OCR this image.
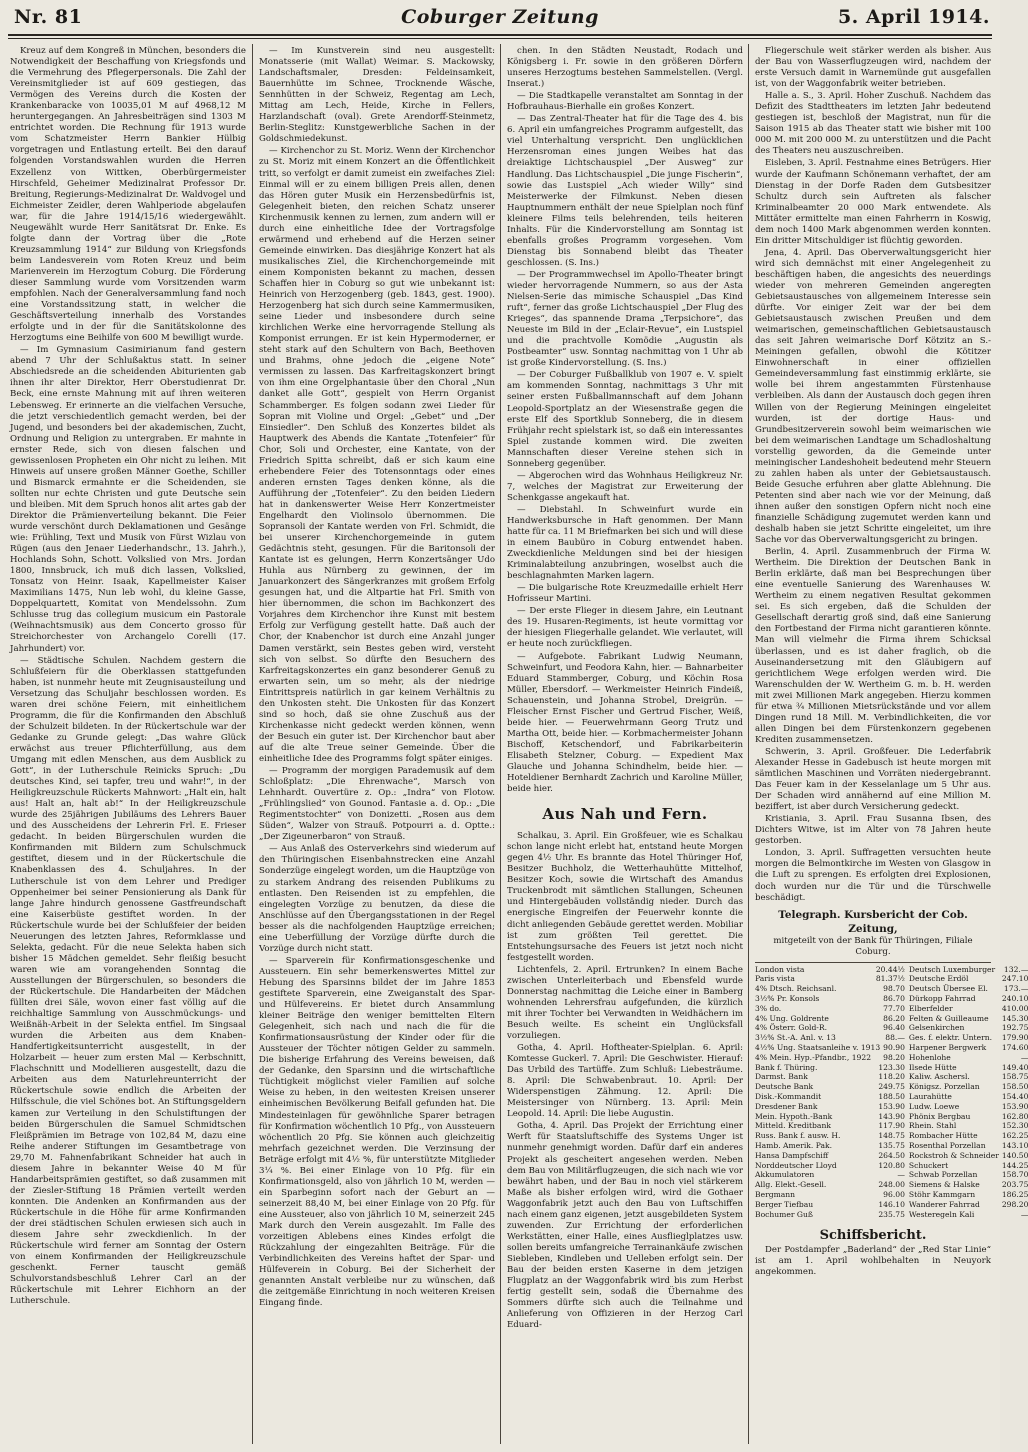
Nr. 81	Coburger Zeitung	5. April 1914.

Kreuz auf dem Kongreß in München, besonders die Notwendigkeit der Beschaffung von Kriegsfonds und die Vermehrung des Pflegerpersonals. Die Zahl der Vereinsmitglieder ist auf 609 gestiegen, das Vermögen des Vereins durch die Kosten der Krankenbaracke von 10035,01 M auf 4968,12 M heruntergegangen. An Jahresbeiträgen sind 1303 M entrichtet worden. Die Rechnung für 1913 wurde vom Schatzmeister Herrn Bankier Hülbig vorgetragen und Entlastung erteilt. Bei den darauf folgenden Vorstandswahlen wurden die Herren Exzellenz von Wittken, Oberbürgermeister Hirschfeld, Geheimer Medizinalrat Professor Dr. Breitung, Regierungs-Medizinalrat Dr. Waldvogel und Eichmeister Zeidler, deren Wahlperiode abgelaufen war, für die Jahre 1914/15/16 wiedergewählt. Neugewählt wurde Herr Sanitätsrat Dr. Enke. Es folgte dann der Vortrag über die „Rote Kreuzsammlung 1914“ zur Bildung von Kriegsfonds beim Landesverein vom Roten Kreuz und beim Marienverein im Herzogtum Coburg. Die Förderung dieser Sammlung wurde vom Vorsitzenden warm empfohlen. Nach der Generalversammlung fand noch eine Vorstandssitzung statt, in welcher die Geschäftsverteilung innerhalb des Vorstandes erfolgte und in der für die Sanitätskolonne des Herzogtums eine Beihilfe von 600 M bewilligt wurde.

— Im Gymnasium Casimirianum fand gestern abend 7 Uhr der Schlußaktus statt. In seiner Abschiedsrede an die scheidenden Abiturienten gab ihnen ihr alter Direktor, Herr Oberstudienrat Dr. Beck, eine ernste Mahnung mit auf ihren weiteren Lebensweg. Er erinnerte an die vielfachen Versuche, die jetzt verschiedentlich gemacht werden, bei der Jugend, und besonders bei der akademischen, Zucht, Ordnung und Religion zu untergraben. Er mahnte in ernster Rede, sich von diesen falschen und gewissenlosen Propheten ein Ohr nicht zu leihen. Mit Hinweis auf unsere großen Männer Goethe, Schiller und Bismarck ermahnte er die Scheidenden, sie sollten nur echte Christen und gute Deutsche sein und bleiben. Mit dem Spruch honos alit artes gab der Direktor die Prämienverteilung bekannt. Die Feier wurde verschönt durch Deklamationen und Gesänge wie: Frühling, Text und Musik von Fürst Wizlau von Rügen (aus den Jenaer Liederhandschr., 13. Jahrh.), Hochlands Sohn, Schott. Volkslied von Mrs. Jordan 1800, Innsbruck, ich muß dich lassen, Volkslied, Tonsatz von Heinr. Isaak, Kapellmeister Kaiser Maximilians 1475, Nun leb wohl, du kleine Gasse, Doppelquartett, Komitat von Mendelssohn. Zum Schlusse trug das collegium musicum ein Pastorale (Weihnachtsmusik) aus dem Concerto grosso für Streichorchester von Archangelo Corelli (17. Jahrhundert) vor.

— Städtische Schulen. Nachdem gestern die Schlußfeiern für die Oberklassen stattgefunden haben, ist nunmehr heute mit Zeugnisausteilung und Versetzung das Schuljahr beschlossen worden. Es waren drei schöne Feiern, mit einheitlichem Programm, die für die Konfirmanden den Abschluß der Schulzeit bildeten. In der Rückertschule war der Gedanke zu Grunde gelegt: „Das wahre Glück erwächst aus treuer Pflichterfüllung, aus dem Umgang mit edlen Menschen, aus dem Ausblick zu Gott“, in der Lutherschule Reinicks Spruch: „Du deutsches Kind, sei tapfer, treu und wahr!“, in der Heiligkreuzschule Rückerts Mahnwort: „Halt ein, halt aus! Halt an, halt ab!“ In der Heiligkreuzschule wurde des 25jährigen Jubiläums des Lehrers Bauer und des Ausscheidens der Lehrerin Frl. E. Frieser gedacht. In beiden Bürgerschulen wurden die Konfirmanden mit Bildern zum Schulschmuck gestiftet, diesem und in der Rückertschule die Knabenklassen des 4. Schuljahres. In der Lutherschule ist von dem Lehrer und Prediger Oppenheimer bei seiner Pensionierung als Dank für lange Jahre hindurch genossene Gastfreundschaft eine Kaiserbüste gestiftet worden. In der Rückertschule wurde bei der Schlußfeier der beiden Neuerungen des letzten Jahres, Reformklasse und Selekta, gedacht. Für die neue Selekta haben sich bisher 15 Mädchen gemeldet. Sehr fleißig besucht waren wie am vorangehenden Sonntag die Ausstellungen der Bürgerschulen, so besonders die der Rückertschule. Die Handarbeiten der Mädchen füllten drei Säle, wovon einer fast völlig auf die reichhaltige Sammlung von Ausschmückungs- und Weißnäh-Arbeit in der Selekta entfiel. Im Singsaal wurden die Arbeiten aus dem Knaben-Handfertigkeitsunterricht ausgestellt, in der Holzarbeit — heuer zum ersten Mal — Kerbschnitt, Flachschnitt und Modellieren ausgestellt, dazu die Arbeiten aus dem Naturlehreunterricht der Rückertschule sowie endlich die Arbeiten der Hilfsschule, die viel Schönes bot. An Stiftungsgeldern kamen zur Verteilung in den Schulstiftungen der beiden Bürgerschulen die Samuel Schmidtschen Fleißprämien im Betrage von 102,84 M, dazu eine Reihe anderer Stiftungen im Gesamtbetrage von 29,70 M. Fahnenfabrikant Schneider hat auch in diesem Jahre in bekannter Weise 40 M für Handarbeitsprämien gestiftet, so daß zusammen mit der Ziesler-Stiftung 18 Prämien verteilt werden konnten. Die Andenken an Konfirmanden aus der Rückertschule in die Höhe für arme Konfirmanden der drei städtischen Schulen erwiesen sich auch in diesem Jahre sehr zweckdienlich. In der Rückertschule wird ferner am Sonntag der Ostern von einem Konfirmanden der Heiligkreuzschule geschenkt. Ferner tauscht gemäß Schulvorstandsbeschluß Lehrer Carl an der Rückertschule mit Lehrer Eichhorn an der Lutherschule.

— Im Kunstverein sind neu ausgestellt: Monatsserie (mit Wallat) Weimar. S. Mackowsky, Landschaftsmaler, Dresden: Feldeinsamkeit, Bauernhütte im Schnee, Trocknende Wäsche, Sennhütten in der Schweiz, Regentag am Lech, Mittag am Lech, Heide, Kirche in Fellers, Harzlandschaft (oval). Grete Arendorff-Steinmetz, Berlin-Steglitz: Kunstgewerbliche Sachen in der Goldschmiedekunst.

— Kirchenchor zu St. Moriz. Wenn der Kirchenchor zu St. Moriz mit einem Konzert an die Öffentlichkeit tritt, so verfolgt er damit zumeist ein zweifaches Ziel: Einmal will er zu einem billigen Preis allen, denen das Hören guter Musik ein Herzensbedürfnis ist, Gelegenheit bieten, den reichen Schatz unserer Kirchenmusik kennen zu lernen, zum andern will er durch eine einheitliche Idee der Vortragsfolge erwärmend und erhebend auf die Herzen seiner Gemeinde einwirken. Das diesjährige Konzert hat als musikalisches Ziel, die Kirchenchorgemeinde mit einem Komponisten bekannt zu machen, dessen Schaffen hier in Coburg so gut wie unbekannt ist: Heinrich von Herzogenberg (geb. 1843, gest. 1900). Herzogenberg hat sich durch seine Kammermusiken, seine Lieder und insbesondere durch seine kirchlichen Werke eine hervorragende Stellung als Komponist errungen. Er ist kein Hypermoderner, er steht stark auf den Schultern von Bach, Beethoven und Brahms, ohne jedoch die „eigene Note“ vermissen zu lassen. Das Karfreitagskonzert bringt von ihm eine Orgelphantasie über den Choral „Nun danket alle Gott“, gespielt von Herrn Organist Schammberger. Es folgen sodann zwei Lieder für Sopran mit Violine und Orgel: „Gebet“ und „Der Einsiedler“. Den Schluß des Konzertes bildet als Hauptwerk des Abends die Kantate „Totenfeier“ für Chor, Soli und Orchester, eine Kantate, von der Friedrich Spitta schreibt, daß er sich kaum eine erhebendere Feier des Totensonntags oder eines anderen ernsten Tages denken könne, als die Aufführung der „Totenfeier“. Zu den beiden Liedern hat in dankenswerter Weise Herr Konzertmeister Engelhardt den Violinsolo übernommen. Die Sopransoli der Kantate werden von Frl. Schmidt, die bei unserer Kirchenchorgemeinde in gutem Gedächtnis steht, gesungen. Für die Baritonsoli der Kantate ist es gelungen, Herrn Konzertsänger Udo Huhla aus Nürnberg zu gewinnen, der im Januarkonzert des Sängerkranzes mit großem Erfolg gesungen hat, und die Altpartie hat Frl. Smith von hier übernommen, die schon im Bachkonzert des Vorjahres dem Kirchenchor ihre Kunst mit bestem Erfolg zur Verfügung gestellt hatte. Daß auch der Chor, der Knabenchor ist durch eine Anzahl junger Damen verstärkt, sein Bestes geben wird, versteht sich von selbst. So dürfte den Besuchern des Karfreitagskonzertes ein ganz besonderer Genuß zu erwarten sein, um so mehr, als der niedrige Eintrittspreis natürlich in gar keinem Verhältnis zu den Unkosten steht. Die Unkosten für das Konzert sind so hoch, daß sie ohne Zuschuß aus der Kirchenkasse nicht gedeckt werden können, wenn der Besuch ein guter ist. Der Kirchenchor baut aber auf die alte Treue seiner Gemeinde. Über die einheitliche Idee des Programms folgt später einiges.

— Programm der morgigen Parademusik auf dem Schloßplatz: „Die Ehrenwache“, Marsch von Lehnhardt. Ouvertüre z. Op.: „Indra“ von Flotow. „Frühlingslied“ von Gounod. Fantasie a. d. Op.: „Die Regimentstochter“ von Donizetti. „Rosen aus dem Süden“, Walzer von Strauß. Potpourri a. d. Optte.: „Der Zigeunerbaron“ von Strauß.

— Aus Anlaß des Osterverkehrs sind wiederum auf den Thüringischen Eisenbahnstrecken eine Anzahl Sonderzüge eingelegt worden, um die Hauptzüge von zu starkem Andrang des reisenden Publikums zu entlasten. Den Reisenden ist zu empfehlen, die eingelegten Vorzüge zu benutzen, da diese die Anschlüsse auf den Übergangsstationen in der Regel besser als die nachfolgenden Hauptzüge erreichen; eine Ueberfüllung der Vorzüge dürfte durch die Vorzüge durch nicht statt.

— Sparverein für Konfirmationsgeschenke und Aussteuern. Ein sehr bemerkenswertes Mittel zur Hebung des Sparsinns bildet der im Jahre 1853 gestiftete Sparverein, eine Zweiganstalt des Spar- und Hülfevereins. Er bietet durch Ansammlung kleiner Beiträge den weniger bemittelten Eltern Gelegenheit, sich nach und nach die für die Konfirmationsausrüstung der Kinder oder für die Aussteuer der Töchter nötigen Gelder zu sammeln. Die bisherige Erfahrung des Vereins beweisen, daß der Gedanke, den Sparsinn und die wirtschaftliche Tüchtigkeit möglichst vieler Familien auf solche Weise zu heben, in den weitesten Kreisen unserer einheimischen Bevölkerung Beifall gefunden hat. Die Mindesteinlagen für gewöhnliche Sparer betragen für Konfirmation wöchentlich 10 Pfg., von Aussteuern wöchentlich 20 Pfg. Sie können auch gleichzeitig mehrfach gezeichnet werden. Die Verzinsung der Beträge erfolgt mit 4½ %, für unterstützte Mitglieder 3¼ %. Bei einer Einlage von 10 Pfg. für ein Konfirmationsgeld, also von jährlich 10 M, werden — ein Sparbeginn sofort nach der Geburt an — seinerzeit 88,40 M, bei einer Einlage von 20 Pfg. für eine Aussteuer, also von jährlich 10 M, seinerzeit 245 Mark durch den Verein ausgezahlt. Im Falle des vorzeitigen Ablebens eines Kindes erfolgt die Rückzahlung der eingezahlten Beiträge. Für die Verbindlichkeiten des Vereins haftet der Spar- und Hülfeverein in Coburg. Bei der Sicherheit der genannten Anstalt verbleibe nur zu wünschen, daß die zeitgemäße Einrichtung in noch weiteren Kreisen Eingang finde.

chen. In den Städten Neustadt, Rodach und Königsberg i. Fr. sowie in den größeren Dörfern unseres Herzogtums bestehen Sammelstellen. (Vergl. Inserat.)

— Die Stadtkapelle veranstaltet am Sonntag in der Hofbrauhaus-Bierhalle ein großes Konzert.

— Das Zentral-Theater hat für die Tage des 4. bis 6. April ein umfangreiches Programm aufgestellt, das viel Unterhaltung verspricht. Den unglücklichen Herzensroman eines jungen Weibes hat das dreiaktige Lichtschauspiel „Der Ausweg“ zur Handlung. Das Lichtschauspiel „Die junge Fischerin“, sowie das Lustspiel „Ach wieder Willy“ sind Meisterwerke der Filmkunst. Neben diesen Hauptnummern enthält der neue Spielplan noch fünf kleinere Films teils belehrenden, teils heiteren Inhalts. Für die Kindervorstellung am Sonntag ist ebenfalls großes Programm vorgesehen. Vom Dienstag bis Sonnabend bleibt das Theater geschlossen. (S. Ins.)

— Der Programmwechsel im Apollo-Theater bringt wieder hervorragende Nummern, so aus der Asta Nielsen-Serie das mimische Schauspiel „Das Kind ruft“, ferner das große Lichtschauspiel „Der Flug des Krieges“, das spannende Drama „Terpsichore“, das Neueste im Bild in der „Eclair-Revue“, ein Lustspiel und die prachtvolle Komödie „Augustin als Postbeamter“ usw. Sonntag nachmittag von 1 Uhr ab ist große Kindervorstellung. (S. Ins.)

— Der Coburger Fußballklub von 1907 e. V. spielt am kommenden Sonntag, nachmittags 3 Uhr mit seiner ersten Fußballmannschaft auf dem Johann Leopold-Sportplatz an der Wiesenstraße gegen die erste Elf des Sportklub Sonneberg, die in diesem Frühjahr recht spielstark ist, so daß ein interessantes Spiel zustande kommen wird. Die zweiten Mannschaften dieser Vereine stehen sich in Sonneberg gegenüber.

— Abgerochen wird das Wohnhaus Heiligkreuz Nr. 7, welches der Magistrat zur Erweiterung der Schenkgasse angekauft hat.

— Diebstahl. In Schweinfurt wurde ein Handwerksbursche in Haft genommen. Der Mann hatte für ca. 11 M Briefmarken bei sich und will diese in einem Baubüro in Coburg entwendet haben. Zweckdienliche Meldungen sind bei der hiesigen Kriminalabteilung anzubringen, woselbst auch die beschlagnahmten Marken lagern.

— Die bulgarische Rote Kreuzmedaille erhielt Herr Hofrisseur Martini.

— Der erste Flieger in diesem Jahre, ein Leutnant des 19. Husaren-Regiments, ist heute vormittag vor der hiesigen Fliegerhalle gelandet. Wie verlautet, will er heute noch zurückfliegen.

— Aufgebote. Fabrikant Ludwig Neumann, Schweinfurt, und Feodora Kahn, hier. — Bahnarbeiter Eduard Stammberger, Coburg, und Köchin Rosa Müller, Ebersdorf. — Werkmeister Heinrich Findeiß, Schauenstein, und Johanna Strobel, Dreigrün. — Fleischer Ernst Fischer und Gertrud Fischer, Weiß, beide hier. — Feuerwehrmann Georg Trutz und Martha Ott, beide hier. — Korbmachermeister Johann Bischoff, Ketschendorf, und Fabrikarbeiterin Elisabeth Stelzner, Coburg. — Expedient Max Glauche und Johanna Schindhelm, beide hier. — Hoteldiener Bernhardt Zachrich und Karoline Müller, beide hier.

Aus Nah und Fern.

Schalkau, 3. April. Ein Großfeuer, wie es Schalkau schon lange nicht erlebt hat, entstand heute Morgen gegen 4½ Uhr. Es brannte das Hotel Thüringer Hof, Besitzer Buchholz, die Wetterhauhütte Mittelhof, Besitzer Koch, sowie die Wirtschaft des Amandus Truckenbrodt mit sämtlichen Stallungen, Scheunen und Hintergebäuden vollständig nieder. Durch das energische Eingreifen der Feuerwehr konnte die dicht anliegenden Gebäude gerettet werden. Mobiliar ist zum größten Teil gerettet. Die Entstehungsursache des Feuers ist jetzt noch nicht festgestellt worden.

Lichtenfels, 2. April. Ertrunken? In einem Bache zwischen Unterleiterbach und Ebensfeld wurde Donnerstag nachmittag die Leiche einer in Bamberg wohnenden Lehrersfrau aufgefunden, die kürzlich mit ihrer Tochter bei Verwandten in Weidhächern im Besuch weilte. Es scheint ein Unglücksfall vorzuliegen.

Gotha, 4. April. Hoftheater-Spielplan. 6. April: Komtesse Guckerl. 7. April: Die Geschwister. Hierauf: Das Urbild des Tartüffe. Zum Schluß: Liebesträume. 8. April: Die Schwabenbraut. 10. April: Der Widerspenstigen Zähmung. 12. April: Die Meistersinger von Nürnberg. 13. April: Mein Leopold. 14. April: Die liebe Augustin.

Gotha, 4. April. Das Projekt der Errichtung einer Werft für Staatsluftschiffe des Systems Unger ist nunmehr genehmigt worden. Dafür darf ein anderes Projekt als gescheitert angesehen werden. Neben dem Bau von Militärflugzeugen, die sich nach wie vor bewährt haben, und der Bau in noch viel stärkerem Maße als bisher erfolgen wird, wird die Gothaer Waggonfabrik jetzt auch den Bau von Luftschiffen nach einem ganz eigenen, jetzt ausgebildeten System zuwenden. Zur Errichtung der erforderlichen Werkstätten, einer Halle, eines Ausflieglplatzes usw. sollen bereits umfangreiche Terrainankäufe zwischen Siebleben, Kindleben und Uelleben erfolgt sein. Der Bau der beiden ersten Kaserne in dem jetzigen Flugplatz an der Waggonfabrik wird bis zum Herbst fertig gestellt sein, sodaß die Übernahme des Sommers dürfte sich auch die Teilnahme und Anlieferung von Offizieren in der Herzog Carl Eduard-

Fliegerschule weit stärker werden als bisher. Aus der Bau von Wasserflugzeugen wird, nachdem der erste Versuch damit in Warnemünde gut ausgefallen ist, von der Waggonfabrik weiter betrieben.

Halle a. S., 3. April. Hoher Zuschuß. Nachdem das Defizit des Stadttheaters im letzten Jahr bedeutend gestiegen ist, beschloß der Magistrat, nun für die Saison 1915 ab das Theater statt wie bisher mit 100 000 M. mit 200 000 M. zu unterstützen und die Pacht des Theaters neu auszuschreiben.

Eisleben, 3. April. Festnahme eines Betrügers. Hier wurde der Kaufmann Schönemann verhaftet, der am Dienstag in der Dorfe Raden dem Gutsbesitzer Schultz durch sein Auftreten als falscher Kriminalbeamter 20 000 Mark entwendete. Als Mittäter ermittelte man einen Fahrherrn in Koswig, dem noch 1400 Mark abgenommen werden konnten. Ein dritter Mitschuldiger ist flüchtig geworden.

Jena, 4. April. Das Oberverwaltungsgericht hier wird sich demnächst mit einer Angelegenheit zu beschäftigen haben, die angesichts des neuerdings wieder von mehreren Gemeinden angeregten Gebietsaustausches von allgemeinem Interesse sein dürfte. Vor einiger Zeit war der bei dem Gebietsaustausch zwischen Preußen und dem weimarischen, gemeinschaftlichen Gebietsaustausch das seit Jahren weimarische Dorf Kötzitz an S.-Meiningen gefallen, obwohl die Kötitzer Einwohnerschaft in einer offiziellen Gemeindeversammlung fast einstimmig erklärte, sie wolle bei ihrem angestammten Fürstenhause verbleiben. Als dann der Austausch doch gegen ihren Willen von der Regierung Meiningen eingeleitet wurden, ist der dortige Haus- und Grundbesitzerverein sowohl beim weimarischen wie bei dem weimarischen Landtage um Schadloshaltung vorstellig geworden, da die Gemeinde unter meiningischer Landeshoheit bedeutend mehr Steuern zu zahlen haben als unter der Gebietsaustausch. Beide Gesuche erfuhren aber glatte Ablehnung. Die Petenten sind aber nach wie vor der Meinung, daß ihnen außer den sonstigen Opfern nicht noch eine finanzielle Schädigung zugemutet werden kann und deshalb haben sie jetzt Schritte eingeleitet, um ihre Sache vor das Oberverwaltungsgericht zu bringen.

Berlin, 4. April. Zusammenbruch der Firma W. Wertheim. Die Direktion der Deutschen Bank in Berlin erklärte, daß man bei Besprechungen über eine eventuelle Sanierung des Warenhauses W. Wertheim zu einem negativen Resultat gekommen sei. Es sich ergeben, daß die Schulden der Gesellschaft derartig groß sind, daß eine Sanierung den Fortbestand der Firma nicht garantieren könnte. Man will vielmehr die Firma ihrem Schicksal überlassen, und es ist daher fraglich, ob die Auseinandersetzung mit den Gläubigern auf gerichtlichem Wege erfolgen werden wird. Die Warenschulden der W. Wertheim G. m. b. H. werden mit zwei Millionen Mark angegeben. Hierzu kommen für etwa ¾ Millionen Mietsrückstände und vor allem Dingen rund 18 Mill. M. Verbindlichkeiten, die vor allen Dingen bei dem Fürstenkonzern gegebenen Krediten zusammensetzen.

Schwerin, 3. April. Großfeuer. Die Lederfabrik Alexander Hesse in Gadebusch ist heute morgen mit sämtlichen Maschinen und Vorräten niedergebrannt. Das Feuer kam in der Kesselanlage um 5 Uhr aus. Der Schaden wird annähernd auf eine Million M. beziffert, ist aber durch Versicherung gedeckt.

Kristiania, 3. April. Frau Susanna Ibsen, des Dichters Witwe, ist im Alter von 78 Jahren heute gestorben.

London, 3. April. Suffragetten versuchten heute morgen die Belmontkirche im Westen von Glasgow in die Luft zu sprengen. Es erfolgten drei Explosionen, doch wurden nur die Tür und die Türschwelle beschädigt.

Telegraph. Kursbericht der Cob. Zeitung,
mitgeteilt von der Bank für Thüringen, Filiale Coburg.
London vista	20.44½
Paris vista	81.37½
4% Dtsch. Reichsanl.	98.70
3½% Pr. Konsols	86.70
3% do.	77.70
4% Ung. Goldrente	86.20
4% Österr. Gold-R.	96.40
3½% St.-A. Anl. v. 13	88.—
4½% Ung. Staatsanleihe v. 1913 90.90
4% Mein. Hyp.-Pfandbr., 1922	98.20
Bank f. Thüring.	123.30
Darmst. Bank	118.20
Deutsche Bank	249.75
Disk.-Kommandit	188.50
Dresdener Bank	153.90
Mein. Hypoth.-Bank	143.90
Mitteld. Kreditbank	117.90
Russ. Bank f. ausw. H.	148.75
Hamb. Amerik. Pak.	135.75
Hansa Dampfschiff	264.50
Norddeutscher Lloyd	120.80
Akkumulatoren	—
Allg. Elekt.-Gesell.	248.00
Bergmann	96.00
Berger Tiefbau	146.10
Bochumer Guß	235.75
Deutsch Luxemburger	132.—
Deutsche Erdöl	247.10
Deutsch Übersee El.	173.—
Dürkopp Fahrrad	240.10
Elberfelder	410.00
Felten & Guilleaume	145.30
Gelsenkirchen	192.75
Ges. f. elektr. Untern.	179.90
Harpener Bergwerk	174.60
Hohenlohe	—
Ilsede Hütte	149.40
Kaliw. Aschersl.	158.75
Königsz. Porzellan	158.50
Laurahütte	154.40
Ludw. Loewe	153.90
Phönix Bergbau	162.80
Rhein. Stahl	152.30
Rombacher Hütte	162.25
Rosenthal Porzellan	143.10
Rockstroh & Schneider 140.50
Schuckert	144.25
Schwab Porzellan	158.70
Siemens & Halske	203.75
Stöhr Kammgarn	186.25
Wanderer Fahrrad	298.20
Westeregeln Kali	—
Schiffsbericht.

Der Postdampfer „Baderland“ der „Red Star Linie“ ist am 1. April wohlbehalten in Neuyork angekommen.
